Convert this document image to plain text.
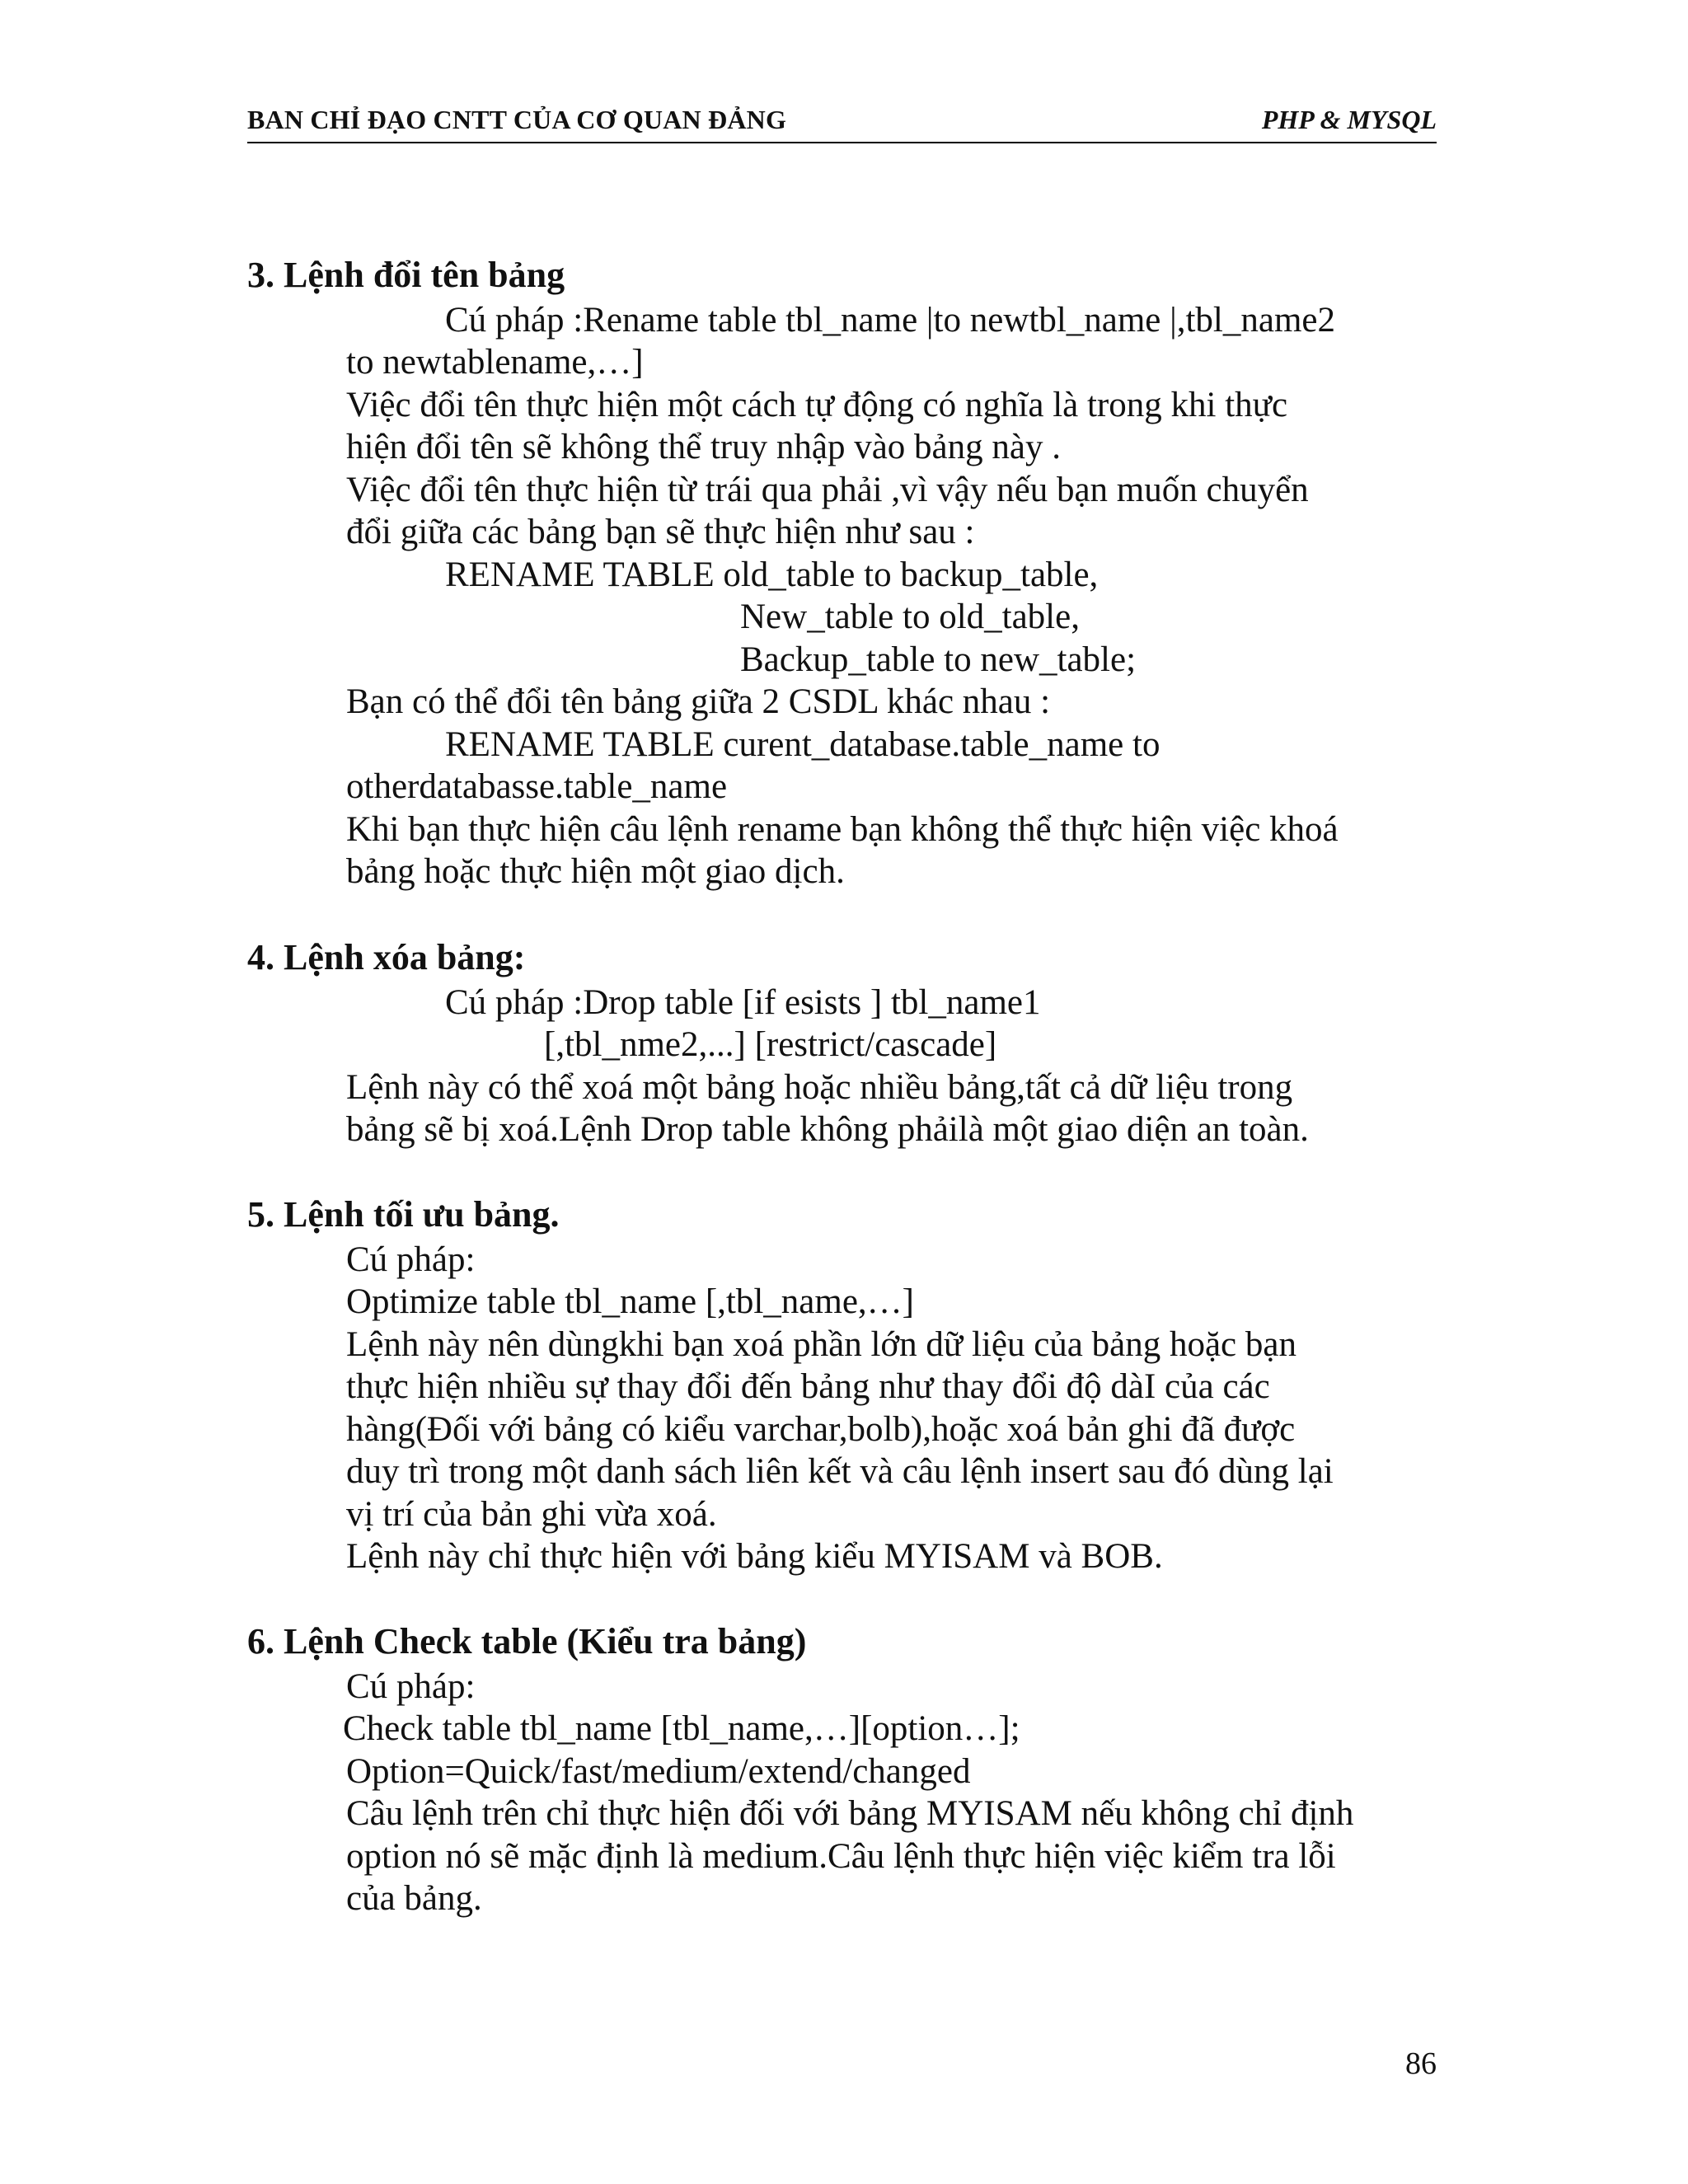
BAN CHỈ ĐẠO CNTT CỦA CƠ QUAN ĐẢNG	PHP & MYSQL
3. Lệnh đổi tên bảng
Cú pháp :Rename table tbl_name |to newtbl_name |,tbl_name2
to newtablename,…]
Việc đổi tên thực hiện một cách tự động có nghĩa là trong khi thực
hiện đổi tên sẽ không thể truy nhập vào bảng này .
Việc đổi tên thực hiện từ trái qua phải ,vì vậy nếu bạn muốn chuyển
đổi giữa các bảng bạn sẽ thực hiện như sau :
RENAME TABLE old_table to backup_table,
New_table to old_table,
Backup_table to new_table;
Bạn có thể đổi tên bảng giữa 2 CSDL khác nhau :
RENAME TABLE curent_database.table_name to
otherdatabasse.table_name
Khi bạn thực hiện câu lệnh rename bạn không thể thực hiện việc khoá
bảng hoặc thực hiện một giao dịch.
4. Lệnh xóa bảng:
Cú pháp :Drop table [if esists ] tbl_name1
[,tbl_nme2,...] [restrict/cascade]
Lệnh này có thể xoá một bảng hoặc nhiều bảng,tất cả dữ liệu trong
bảng sẽ bị xoá.Lệnh Drop table không phảilà một giao diện an toàn.
5. Lệnh tối ưu bảng.
Cú pháp:
Optimize table tbl_name [,tbl_name,…]
Lệnh này nên dùngkhi bạn xoá phần lớn dữ liệu của bảng hoặc bạn
thực hiện nhiều sự thay đổi đến bảng như thay đổi độ dàI của các
hàng(Đối với bảng có kiểu varchar,bolb),hoặc xoá bản ghi đã được
duy trì trong một danh sách liên kết và câu lệnh insert sau đó dùng lại
vị trí của bản ghi vừa xoá.
Lệnh này chỉ thực hiện với bảng kiểu MYISAM và BOB.
6. Lệnh Check table (Kiểu tra bảng)
Cú pháp:
Check table tbl_name [tbl_name,…][option…];
Option=Quick/fast/medium/extend/changed
Câu lệnh trên chỉ thực hiện đối với bảng MYISAM nếu không chỉ định
option nó sẽ mặc định là medium.Câu lệnh thực hiện việc kiểm tra lỗi
của bảng.
86
